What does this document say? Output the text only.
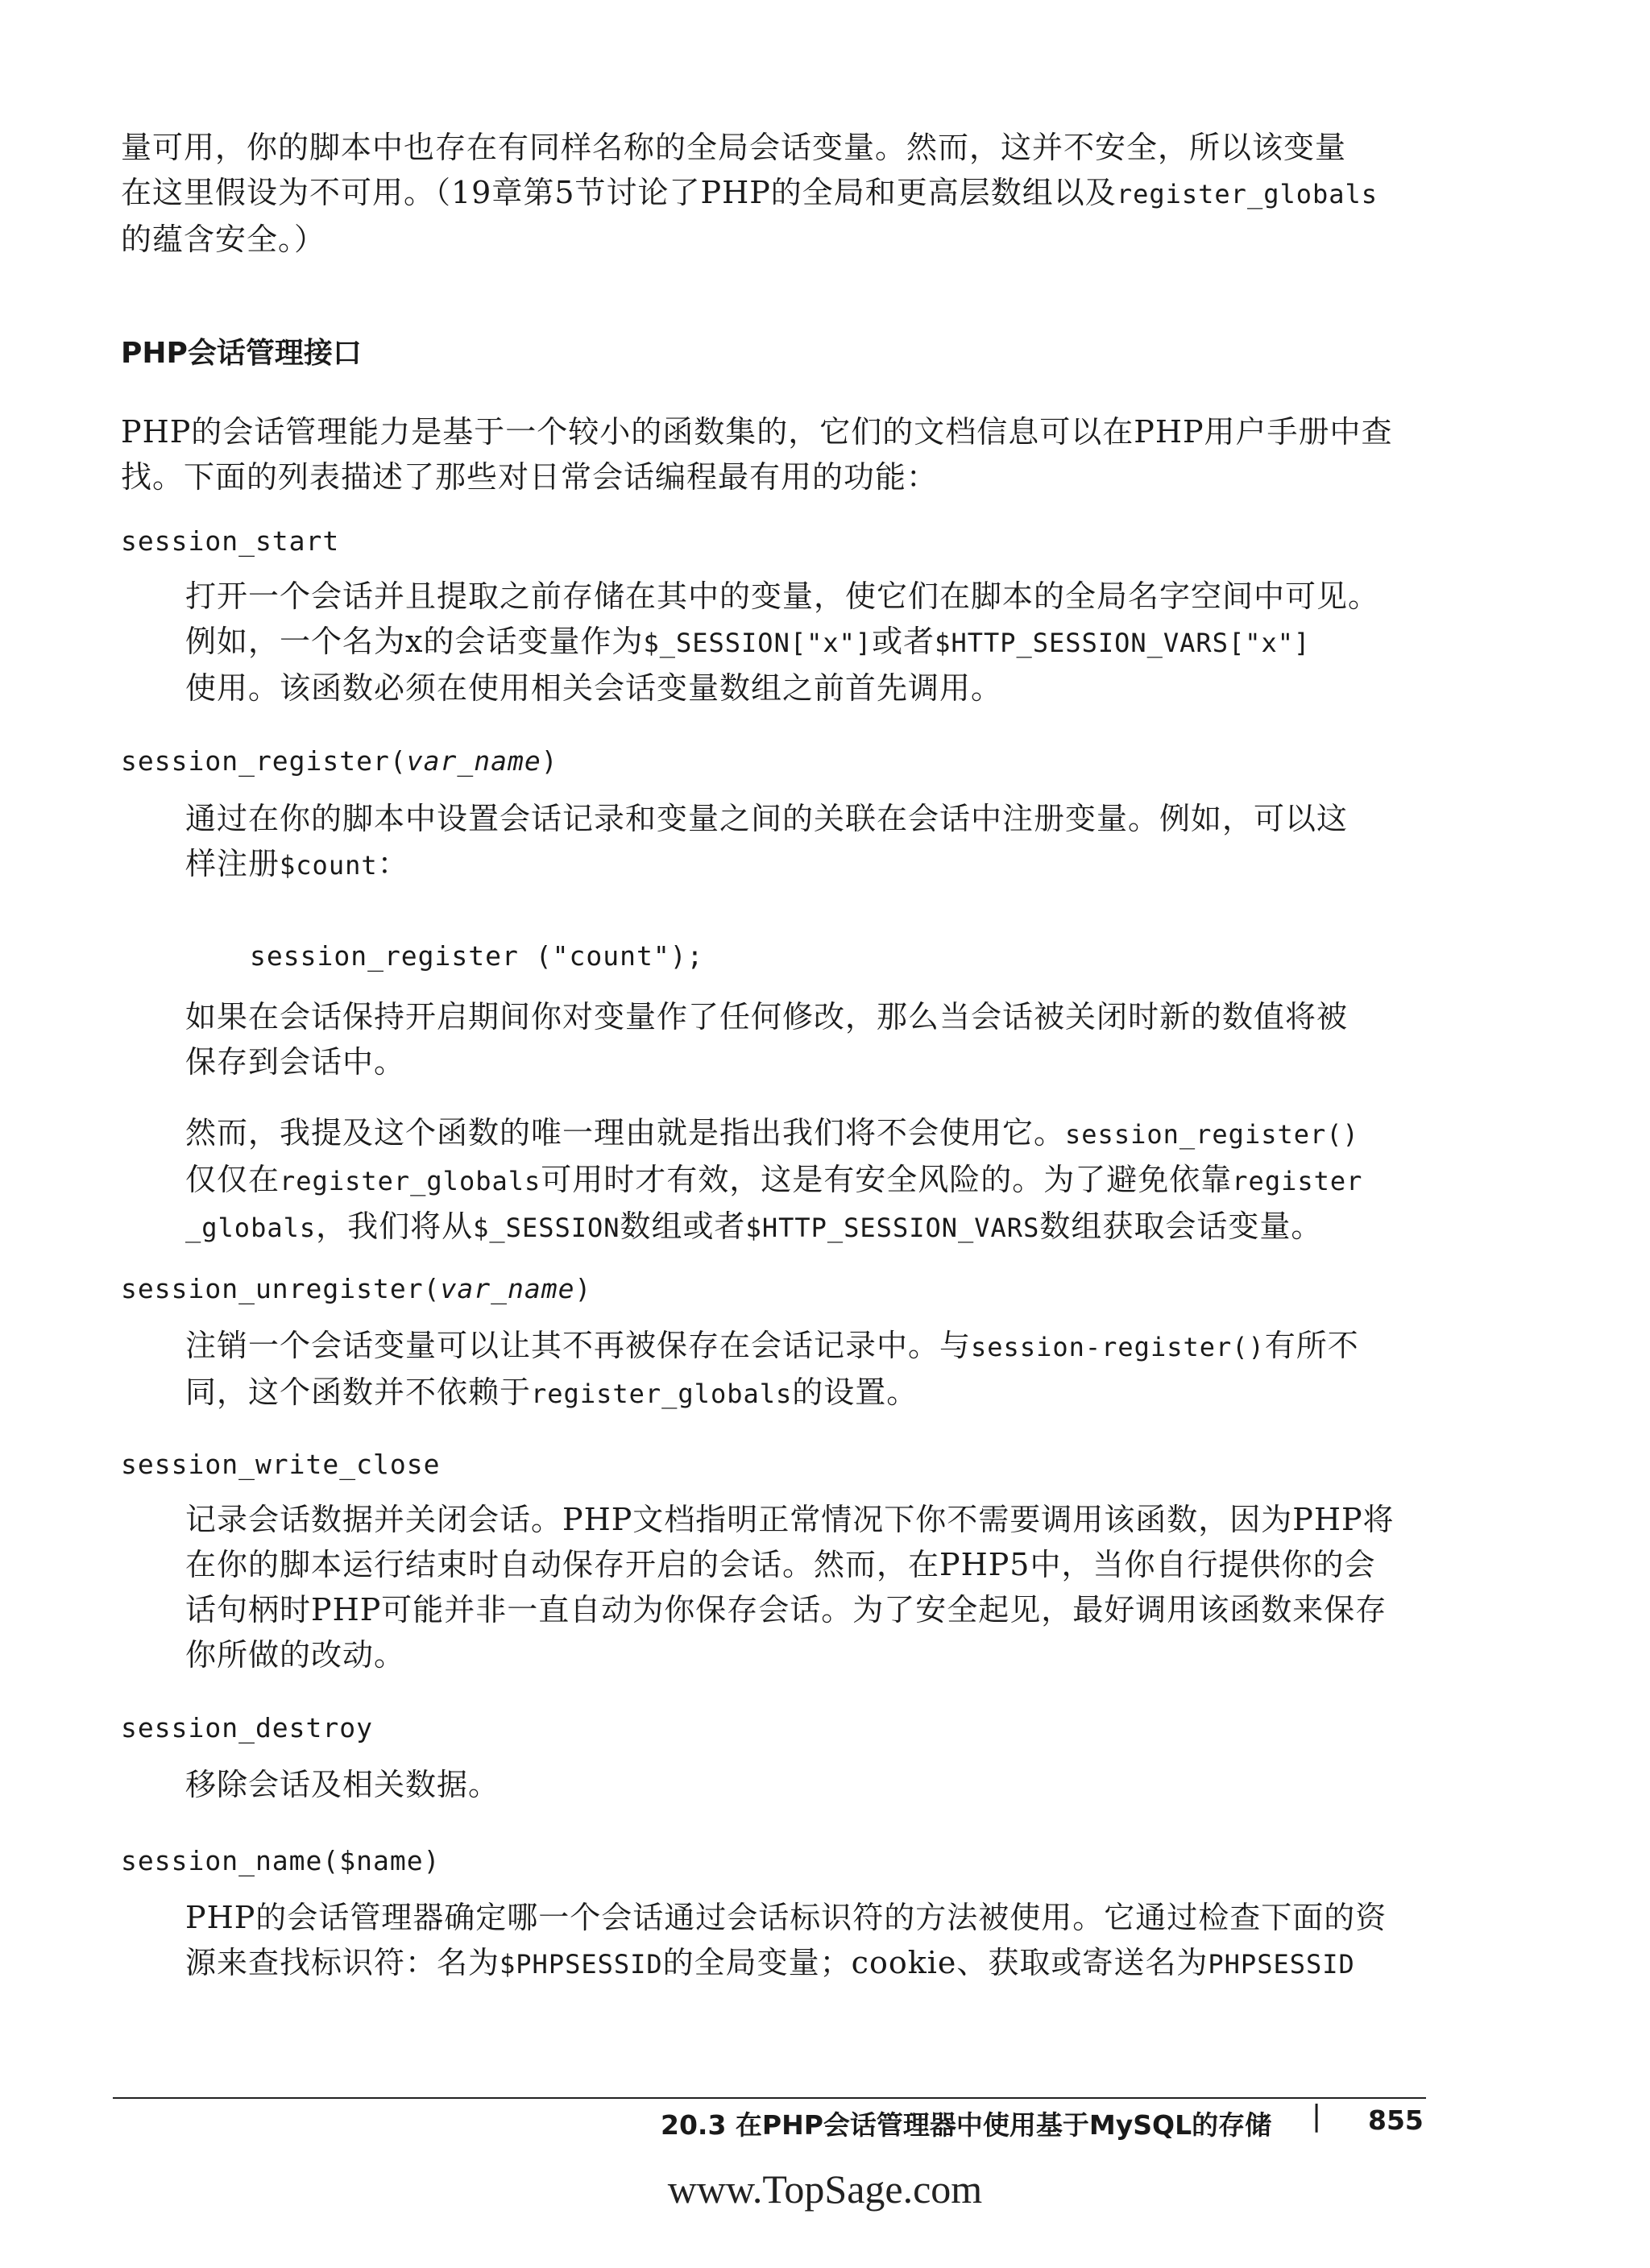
量可用，你的脚本中也存在有同样名称的全局会话变量。然而，这并不安全，所以该变量

在这里假设为不可用。（19章第5节讨论了PHP的全局和更高层数组以及register_globals

的蕴含安全。）

PHP会话管理接口

PHP的会话管理能力是基于一个较小的函数集的，它们的文档信息可以在PHP用户手册中查

找。下面的列表描述了那些对日常会话编程最有用的功能：

session_start

打开一个会话并且提取之前存储在其中的变量，使它们在脚本的全局名字空间中可见。

例如，一个名为x的会话变量作为$_SESSION["x"]或者$HTTP_SESSION_VARS["x"]

使用。该函数必须在使用相关会话变量数组之前首先调用。

session_register(var_name)

通过在你的脚本中设置会话记录和变量之间的关联在会话中注册变量。例如，可以这

样注册$count：

session_register ("count");

如果在会话保持开启期间你对变量作了任何修改，那么当会话被关闭时新的数值将被

保存到会话中。

然而，我提及这个函数的唯一理由就是指出我们将不会使用它。session_register()

仅仅在register_globals可用时才有效，这是有安全风险的。为了避免依靠register

_globals，我们将从$_SESSION数组或者$HTTP_SESSION_VARS数组获取会话变量。

session_unregister(var_name)

注销一个会话变量可以让其不再被保存在会话记录中。与session-register()有所不

同，这个函数并不依赖于register_globals的设置。

session_write_close

记录会话数据并关闭会话。PHP文档指明正常情况下你不需要调用该函数，因为PHP将

在你的脚本运行结束时自动保存开启的会话。然而，在PHP5中，当你自行提供你的会

话句柄时PHP可能并非一直自动为你保存会话。为了安全起见，最好调用该函数来保存

你所做的改动。

session_destroy

移除会话及相关数据。

session_name($name)

PHP的会话管理器确定哪一个会话通过会话标识符的方法被使用。它通过检查下面的资

源来查找标识符：名为$PHPSESSID的全局变量；cookie、获取或寄送名为PHPSESSID

20.3 在PHP会话管理器中使用基于MySQL的存储 | 855
www.TopSage.com
